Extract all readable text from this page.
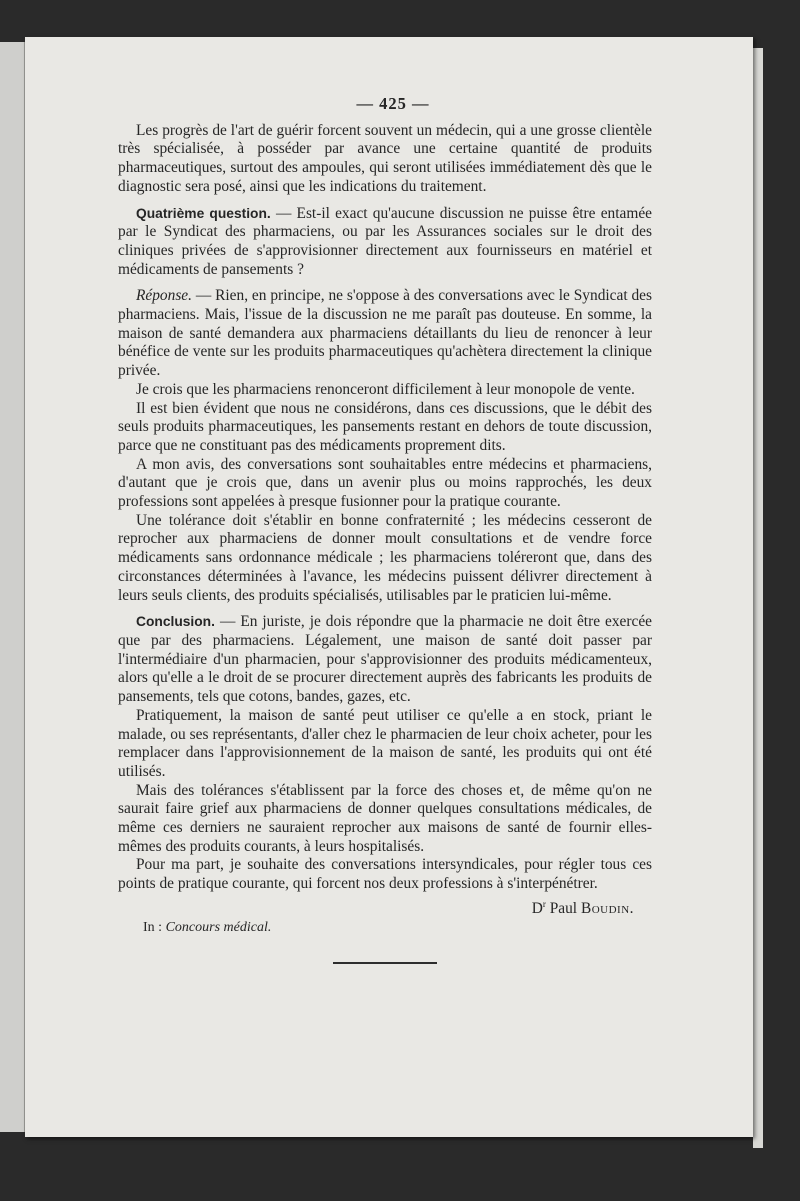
— 425 —

Les progrès de l'art de guérir forcent souvent un médecin, qui a une grosse clientèle très spécialisée, à posséder par avance une certaine quantité de produits pharmaceutiques, surtout des ampoules, qui seront utilisées immédiatement dès que le diagnostic sera posé, ainsi que les indications du traitement.

Quatrième question. — Est-il exact qu'aucune discussion ne puisse être entamée par le Syndicat des pharmaciens, ou par les Assurances sociales sur le droit des cliniques privées de s'approvisionner directement aux fournisseurs en matériel et médicaments de pansements ?

Réponse. — Rien, en principe, ne s'oppose à des conversations avec le Syndicat des pharmaciens. Mais, l'issue de la discussion ne me paraît pas douteuse. En somme, la maison de santé demandera aux pharmaciens détaillants du lieu de renoncer à leur bénéfice de vente sur les produits pharmaceutiques qu'achètera directement la clinique privée.

Je crois que les pharmaciens renonceront difficilement à leur monopole de vente.

Il est bien évident que nous ne considérons, dans ces discussions, que le débit des seuls produits pharmaceutiques, les pansements restant en dehors de toute discussion, parce que ne constituant pas des médicaments proprement dits.

A mon avis, des conversations sont souhaitables entre médecins et pharmaciens, d'autant que je crois que, dans un avenir plus ou moins rapprochés, les deux professions sont appelées à presque fusionner pour la pratique courante.

Une tolérance doit s'établir en bonne confraternité ; les médecins cesseront de reprocher aux pharmaciens de donner moult consultations et de vendre force médicaments sans ordonnance médicale ; les pharmaciens toléreront que, dans des circonstances déterminées à l'avance, les médecins puissent délivrer directement à leurs seuls clients, des produits spécialisés, utilisables par le praticien lui-même.

Conclusion. — En juriste, je dois répondre que la pharmacie ne doit être exercée que par des pharmaciens. Légalement, une maison de santé doit passer par l'intermédiaire d'un pharmacien, pour s'approvisionner des produits médicamenteux, alors qu'elle a le droit de se procurer directement auprès des fabricants les produits de pansements, tels que cotons, bandes, gazes, etc.

Pratiquement, la maison de santé peut utiliser ce qu'elle a en stock, priant le malade, ou ses représentants, d'aller chez le pharmacien de leur choix acheter, pour les remplacer dans l'approvisionnement de la maison de santé, les produits qui ont été utilisés.

Mais des tolérances s'établissent par la force des choses et, de même qu'on ne saurait faire grief aux pharmaciens de donner quelques consultations médicales, de même ces derniers ne sauraient reprocher aux maisons de santé de fournir elles-mêmes des produits courants, à leurs hospitalisés.

Pour ma part, je souhaite des conversations intersyndicales, pour régler tous ces points de pratique courante, qui forcent nos deux professions à s'interpénétrer.

$D^r$ Paul Boudin.
In : Concours médical.
